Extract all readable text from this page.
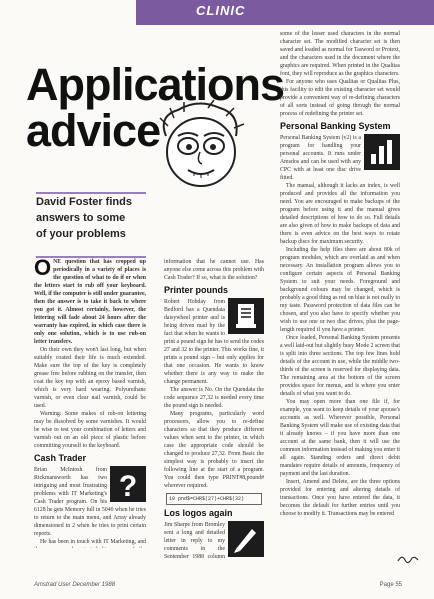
CLINIC
Applications advice
David Foster finds
answers to some
of your problems

ONE question that has cropped up periodically in a variety of places is the question of what to do if or when the letters start to rub off your keyboard. Well, if the computer is still under guarantee, then the answer is to take it back to where you got it. Almost certainly, however, the lettering will fade about 24 hours after the warranty has expired, in which case there is only one solution, which is to use rub-on letter transfers.

On their own they won't last long, but when suitably coated their life is much extended. Make sure the top of the key is completely grease free before rubbing on the transfer, then coat the key top with an epoxy based varnish, which is very hard wearing. Polyurethane varnish, or even clear nail varnish, could be used.

Warning: Some makes of rub-on lettering may be dissolved by some varnishes. It would be wise to test your combination of letters and varnish out on an old piece of plastic before committing yourself to the keyboard.

Cash Trader
?

Brian McIntosh from Rickmansworth has two intriguing and most frustrating problems with IT Marketing's Cash Trader program. On his 6128 he gets Memory full in 5040 when he tries to return to the main menu, and Array already dimensioned in 2 when he tries to print certain reports.

He has been in touch with IT Marketing, and

information that he cannot use. Has anyone else come across this problem with Cash Trader? If so, what is the solution?

Printer pounds

Robert Hobday from Bedford has a Quendata daisywheel printer and is being driven mad by the fact that when he wants to print a pound sign he has to send the codes 27 and 32 to the printer. This works fine, it prints a pound sign – but only applies for that one occasion. He wants to know whether there is any way to make the change permanent.

The answer is No. On the Quendata the code sequence 27,32 is needed every time the pound sign is needed.

Many programs, particularly word processors, allow you to re-define characters so that they produce different values when sent to the printer, in which case the appropriate code should be changed to produce 27,32. From Basic the simplest way is probably to insert the following line at the start of a program. You could then type PRINT#8,pound# wherever required.

10 pnd$=CHR$(27)+CHR$(32)
Los logos again

Jim Sharpe from Bromley sent a long and detailed letter in reply to my comments in the September 1988 column

some of the lesser used characters in the normal character set. The modified character set is then saved and loaded as normal for Tasword or Protext, and the characters used in the document where the graphics are required. When printed in the Qualitas font, they will reproduce as the graphics characters.

For anyone who uses Qualitas or Qualitas Plus, this facility to edit the existing character set would provide a convenient way of re-defining characters of all sorts instead of going through the normal process of redefining the printer set.

Personal Banking System

Personal Banking System (v2) is a program for handling your personal accounts. It runs under Amsdos and can be used with any CPC with at least one disc drive fitted.

The manual, although it lacks an index, is well produced and provides all the information you need. You are encouraged to make backups of the program before using it and the manual gives detailed descriptions of how to do so. Full details are also given of how to make backups of data and there is even advice on the best ways to rotate backup discs for maximum security.

Including the help files there are about 80k of program modules, which are overlaid as and when necessary. An installation program allows you to configure certain aspects of Personal Banking System to suit your needs. Foreground and background colours may be changed, which is probably a good thing as red on blue is not really to my taste. Password protection of data files can be chosen, and you also have to specify whether you wish to use one or two disc drives, plus the page-length required if you have a printer.

Once loaded, Personal Banking System presents a well laid-out but slightly busy Mode 2 screen that is split into three sections. The top few lines hold details of the account in use, while the middle two-thirds of the screen is reserved for displaying data. The remaining area at the bottom of the screen provides space for menus, and is where you enter details of what you want to do.

You may open more than one file if, for example, you want to keep details of your spouse's accounts as well. Wherever possible, Personal Banking System will make use of existing data that it already knows – if you have more than one account at the same bank, then it will use the common information instead of making you enter it all again. Standing orders and direct debit mandates require details of amounts, frequency of payment and the last duration.

Insert, Amend and Delete, are the three options provided for entering and altering details of transactions. Once you have entered the data, it becomes the default for further entries until you choose to modify it. Transactions may be entered

Amstrad User December 1988	Page 55
